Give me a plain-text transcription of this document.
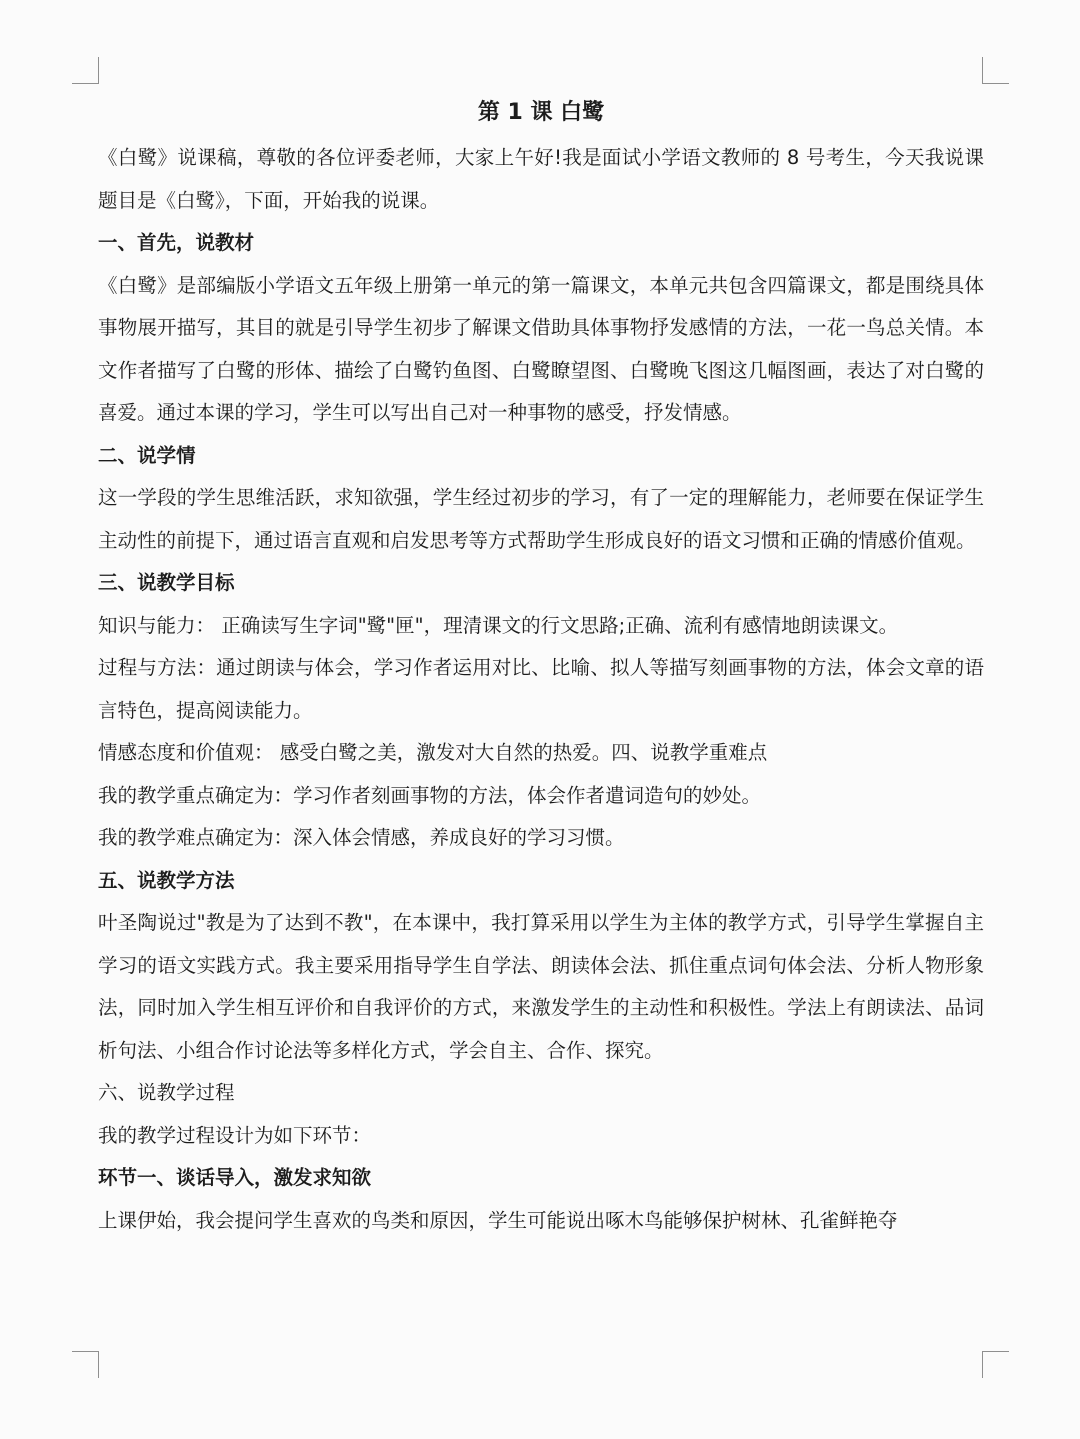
第 1 课 白鹭

《白鹭》说课稿，尊敬的各位评委老师，大家上午好!我是面试小学语文教师的 8 号考生，今天我说课题目是《白鹭》，下面，开始我的说课。

一、首先，说教材

《白鹭》是部编版小学语文五年级上册第一单元的第一篇课文，本单元共包含四篇课文，都是围绕具体事物展开描写，其目的就是引导学生初步了解课文借助具体事物抒发感情的方法，一花一鸟总关情。本文作者描写了白鹭的形体、描绘了白鹭钓鱼图、白鹭瞭望图、白鹭晚飞图这几幅图画，表达了对白鹭的喜爱。通过本课的学习，学生可以写出自己对一种事物的感受，抒发情感。

二、说学情

这一学段的学生思维活跃，求知欲强，学生经过初步的学习，有了一定的理解能力，老师要在保证学生主动性的前提下，通过语言直观和启发思考等方式帮助学生形成良好的语文习惯和正确的情感价值观。

三、说教学目标

知识与能力： 正确读写生字词"鹭"匣"，理清课文的行文思路;正确、流利有感情地朗读课文。

过程与方法：通过朗读与体会，学习作者运用对比、比喻、拟人等描写刻画事物的方法，体会文章的语言特色，提高阅读能力。

情感态度和价值观： 感受白鹭之美，激发对大自然的热爱。四、说教学重难点

我的教学重点确定为：学习作者刻画事物的方法，体会作者遣词造句的妙处。

我的教学难点确定为：深入体会情感，养成良好的学习习惯。

五、说教学方法

叶圣陶说过"教是为了达到不教"，在本课中，我打算采用以学生为主体的教学方式，引导学生掌握自主学习的语文实践方式。我主要采用指导学生自学法、朗读体会法、抓住重点词句体会法、分析人物形象法，同时加入学生相互评价和自我评价的方式，来激发学生的主动性和积极性。学法上有朗读法、品词析句法、小组合作讨论法等多样化方式，学会自主、合作、探究。

六、说教学过程

我的教学过程设计为如下环节：

环节一、谈话导入，激发求知欲

上课伊始，我会提问学生喜欢的鸟类和原因，学生可能说出啄木鸟能够保护树林、孔雀鲜艳夺
